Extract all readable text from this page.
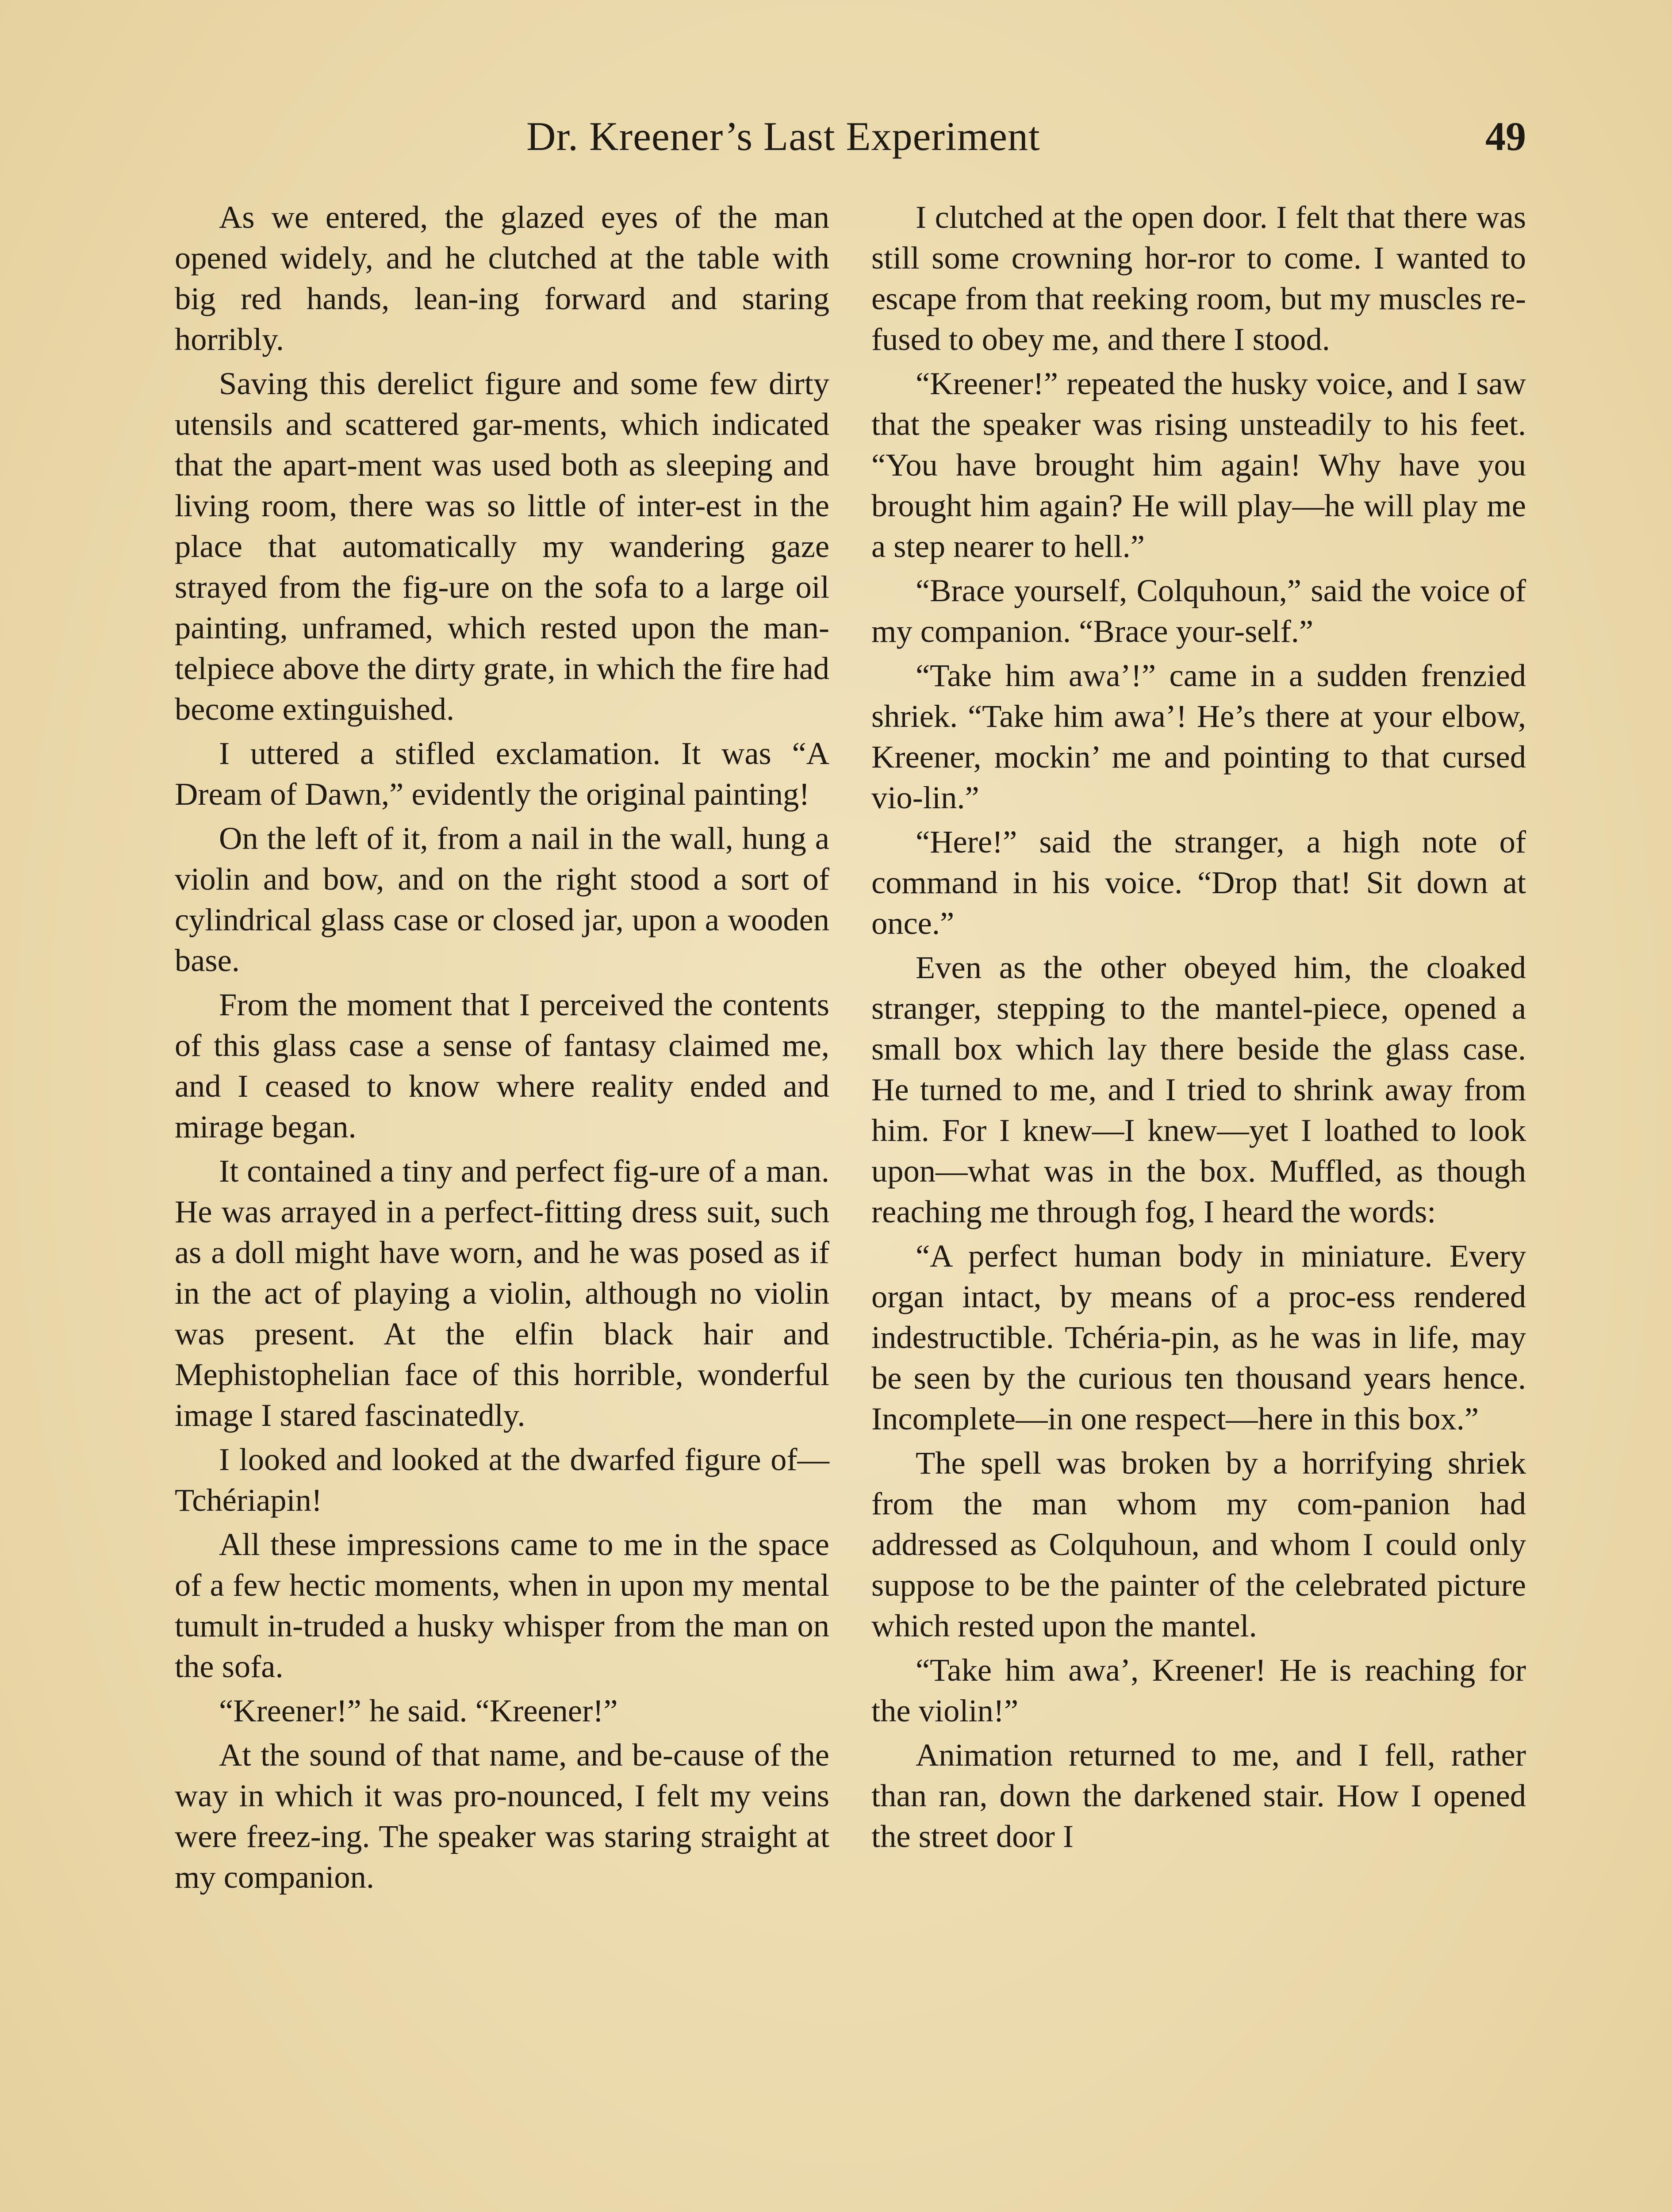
Dr. Kreener’s Last Experiment	49

As we entered, the glazed eyes of the man opened widely, and he clutched at the table with big red hands, lean-ing forward and staring horribly.

Saving this derelict figure and some few dirty utensils and scattered gar-ments, which indicated that the apart-ment was used both as sleeping and living room, there was so little of inter-est in the place that automatically my wandering gaze strayed from the fig-ure on the sofa to a large oil painting, unframed, which rested upon the man-telpiece above the dirty grate, in which the fire had become extinguished.

I uttered a stifled exclamation. It was “A Dream of Dawn,” evidently the original painting!

On the left of it, from a nail in the wall, hung a violin and bow, and on the right stood a sort of cylindrical glass case or closed jar, upon a wooden base.

From the moment that I perceived the contents of this glass case a sense of fantasy claimed me, and I ceased to know where reality ended and mirage began.

It contained a tiny and perfect fig-ure of a man. He was arrayed in a perfect-fitting dress suit, such as a doll might have worn, and he was posed as if in the act of playing a violin, although no violin was present. At the elfin black hair and Mephistophelian face of this horrible, wonderful image I stared fascinatedly.

I looked and looked at the dwarfed figure of—Tchériapin!

All these impressions came to me in the space of a few hectic moments, when in upon my mental tumult in-truded a husky whisper from the man on the sofa.

“Kreener!” he said. “Kreener!”

At the sound of that name, and be-cause of the way in which it was pro-nounced, I felt my veins were freez-ing. The speaker was staring straight at my companion.

I clutched at the open door. I felt that there was still some crowning hor-ror to come. I wanted to escape from that reeking room, but my muscles re-fused to obey me, and there I stood.

“Kreener!” repeated the husky voice, and I saw that the speaker was rising unsteadily to his feet. “You have brought him again! Why have you brought him again? He will play—he will play me a step nearer to hell.”

“Brace yourself, Colquhoun,” said the voice of my companion. “Brace your-self.”

“Take him awa’!” came in a sudden frenzied shriek. “Take him awa’! He’s there at your elbow, Kreener, mockin’ me and pointing to that cursed vio-lin.”

“Here!” said the stranger, a high note of command in his voice. “Drop that! Sit down at once.”

Even as the other obeyed him, the cloaked stranger, stepping to the mantel-piece, opened a small box which lay there beside the glass case. He turned to me, and I tried to shrink away from him. For I knew—I knew—yet I loathed to look upon—what was in the box. Muffled, as though reaching me through fog, I heard the words:

“A perfect human body in miniature. Every organ intact, by means of a proc-ess rendered indestructible. Tchéria-pin, as he was in life, may be seen by the curious ten thousand years hence. Incomplete—in one respect—here in this box.”

The spell was broken by a horrifying shriek from the man whom my com-panion had addressed as Colquhoun, and whom I could only suppose to be the painter of the celebrated picture which rested upon the mantel.

“Take him awa’, Kreener! He is reaching for the violin!”

Animation returned to me, and I fell, rather than ran, down the darkened stair. How I opened the street door I
